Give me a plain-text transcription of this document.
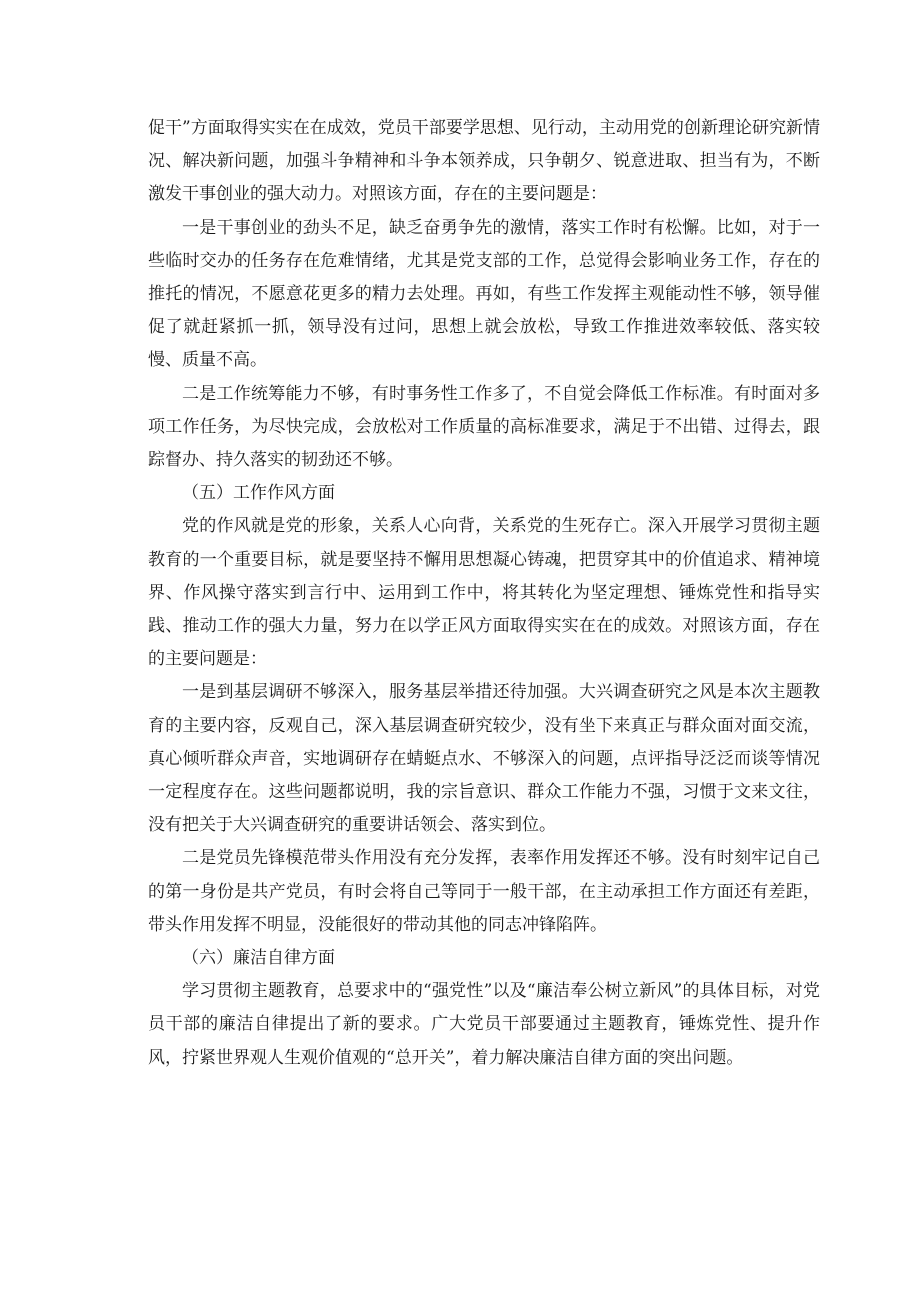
促干”方面取得实实在在成效，党员干部要学思想、见行动，主动用党的创新理论研究新情况、解决新问题，加强斗争精神和斗争本领养成，只争朝夕、锐意进取、担当有为，不断激发干事创业的强大动力。对照该方面，存在的主要问题是：

一是干事创业的劲头不足，缺乏奋勇争先的激情，落实工作时有松懈。比如，对于一些临时交办的任务存在危难情绪，尤其是党支部的工作，总觉得会影响业务工作，存在的推托的情况，不愿意花更多的精力去处理。再如，有些工作发挥主观能动性不够，领导催促了就赶紧抓一抓，领导没有过问，思想上就会放松，导致工作推进效率较低、落实较慢、质量不高。

二是工作统筹能力不够，有时事务性工作多了，不自觉会降低工作标准。有时面对多项工作任务，为尽快完成，会放松对工作质量的高标准要求，满足于不出错、过得去，跟踪督办、持久落实的韧劲还不够。

（五）工作作风方面

党的作风就是党的形象，关系人心向背，关系党的生死存亡。深入开展学习贯彻主题教育的一个重要目标，就是要坚持不懈用思想凝心铸魂，把贯穿其中的价值追求、精神境界、作风操守落实到言行中、运用到工作中，将其转化为坚定理想、锤炼党性和指导实践、推动工作的强大力量，努力在以学正风方面取得实实在在的成效。对照该方面，存在的主要问题是：

一是到基层调研不够深入，服务基层举措还待加强。大兴调查研究之风是本次主题教育的主要内容，反观自己，深入基层调查研究较少，没有坐下来真正与群众面对面交流，真心倾听群众声音，实地调研存在蜻蜓点水、不够深入的问题，点评指导泛泛而谈等情况一定程度存在。这些问题都说明，我的宗旨意识、群众工作能力不强，习惯于文来文往，没有把关于大兴调查研究的重要讲话领会、落实到位。

二是党员先锋模范带头作用没有充分发挥，表率作用发挥还不够。没有时刻牢记自己的第一身份是共产党员，有时会将自己等同于一般干部，在主动承担工作方面还有差距，带头作用发挥不明显，没能很好的带动其他的同志冲锋陷阵。

（六）廉洁自律方面

学习贯彻主题教育，总要求中的“强党性”以及“廉洁奉公树立新风”的具体目标，对党员干部的廉洁自律提出了新的要求。广大党员干部要通过主题教育，锤炼党性、提升作风，拧紧世界观人生观价值观的“总开关”，着力解决廉洁自律方面的突出问题。
